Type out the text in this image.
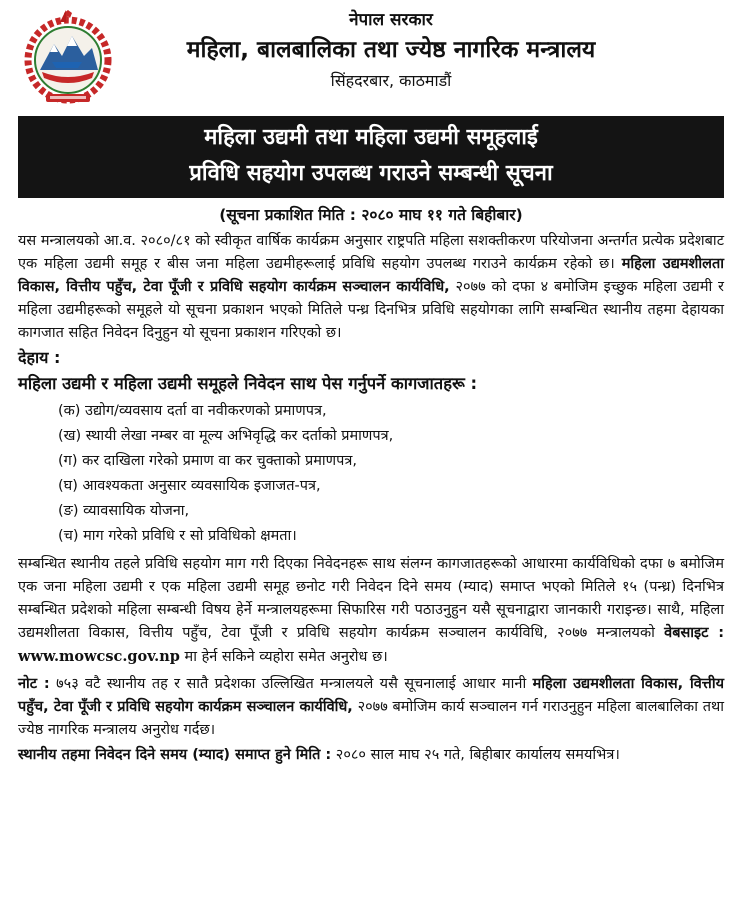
नेपाल सरकार
महिला, बालबालिका तथा ज्येष्ठ नागरिक मन्त्रालय
सिंहदरबार, काठमाडौं
महिला उद्यमी तथा महिला उद्यमी समूहलाई
प्रविधि सहयोग उपलब्ध गराउने सम्बन्धी सूचना
(सूचना प्रकाशित मिति : २०८० माघ ११ गते बिहीबार)

यस मन्त्रालयको आ.व. २०८०/८१ को स्वीकृत वार्षिक कार्यक्रम अनुसार राष्ट्रपति महिला सशक्तीकरण परियोजना अन्तर्गत प्रत्येक प्रदेशबाट एक महिला उद्यमी समूह र बीस जना महिला उद्यमीहरूलाई प्रविधि सहयोग उपलब्ध गराउने कार्यक्रम रहेको छ। महिला उद्यमशीलता विकास, वित्तीय पहुँच, टेवा पूँजी र प्रविधि सहयोग कार्यक्रम सञ्चालन कार्यविधि, २०७७ को दफा ४ बमोजिम इच्छुक महिला उद्यमी र महिला उद्यमीहरूको समूहले यो सूचना प्रकाशन भएको मितिले पन्ध्र दिनभित्र प्रविधि सहयोगका लागि सम्बन्धित स्थानीय तहमा देहायका कागजात सहित निवेदन दिनुहुन यो सूचना प्रकाशन गरिएको छ।

देहाय :
महिला उद्यमी र महिला उद्यमी समूहले निवेदन साथ पेस गर्नुपर्ने कागजातहरू :
(क) उद्योग/व्यवसाय दर्ता वा नवीकरणको प्रमाणपत्र,
(ख) स्थायी लेखा नम्बर वा मूल्य अभिवृद्धि कर दर्ताको प्रमाणपत्र,
(ग) कर दाखिला गरेको प्रमाण वा कर चुक्ताको प्रमाणपत्र,
(घ) आवश्यकता अनुसार व्यवसायिक इजाजत-पत्र,
(ङ) व्यावसायिक योजना,
(च) माग गरेको प्रविधि र सो प्रविधिको क्षमता।

सम्बन्धित स्थानीय तहले प्रविधि सहयोग माग गरी दिएका निवेदनहरू साथ संलग्न कागजातहरूको आधारमा कार्यविधिको दफा ७ बमोजिम एक जना महिला उद्यमी र एक महिला उद्यमी समूह छनोट गरी निवेदन दिने समय (म्याद) समाप्त भएको मितिले १५ (पन्ध्र) दिनभित्र सम्बन्धित प्रदेशको महिला सम्बन्धी विषय हेर्ने मन्त्रालयहरूमा सिफारिस गरी पठाउनुहुन यसै सूचनाद्वारा जानकारी गराइन्छ। साथै, महिला उद्यमशीलता विकास, वित्तीय पहुँच, टेवा पूँजी र प्रविधि सहयोग कार्यक्रम सञ्चालन कार्यविधि, २०७७ मन्त्रालयको वेबसाइट : www.mowcsc.gov.np मा हेर्न सकिने व्यहोरा समेत अनुरोध छ।

नोट : ७५३ वटै स्थानीय तह र सातै प्रदेशका उल्लिखित मन्त्रालयले यसै सूचनालाई आधार मानी महिला उद्यमशीलता विकास, वित्तीय पहुँच, टेवा पूँजी र प्रविधि सहयोग कार्यक्रम सञ्चालन कार्यविधि, २०७७ बमोजिम कार्य सञ्चालन गर्न गराउनुहुन महिला बालबालिका तथा ज्येष्ठ नागरिक मन्त्रालय अनुरोध गर्दछ।

स्थानीय तहमा निवेदन दिने समय (म्याद) समाप्त हुने मिति : २०८० साल माघ २५ गते, बिहीबार कार्यालय समयभित्र।
